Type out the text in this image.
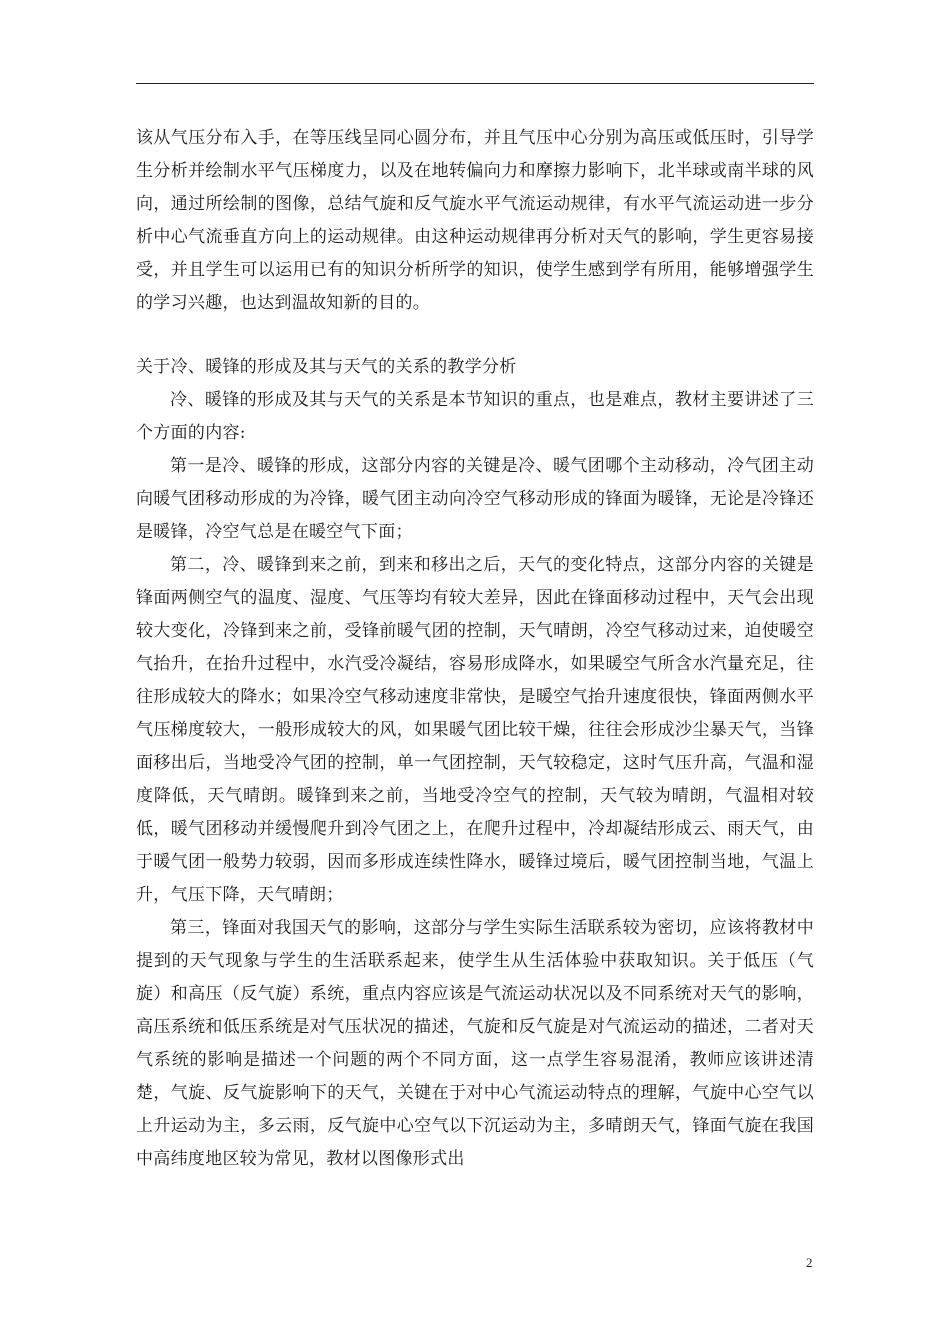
该从气压分布入手，在等压线呈同心圆分布，并且气压中心分别为高压或低压时，引导学生分析并绘制水平气压梯度力，以及在地转偏向力和摩擦力影响下，北半球或南半球的风向，通过所绘制的图像，总结气旋和反气旋水平气流运动规律，有水平气流运动进一步分析中心气流垂直方向上的运动规律。由这种运动规律再分析对天气的影响，学生更容易接受，并且学生可以运用已有的知识分析所学的知识，使学生感到学有所用，能够增强学生的学习兴趣，也达到温故知新的目的。

关于冷、暖锋的形成及其与天气的关系的教学分析

冷、暖锋的形成及其与天气的关系是本节知识的重点，也是难点，教材主要讲述了三个方面的内容:

第一是冷、暖锋的形成，这部分内容的关键是冷、暖气团哪个主动移动，冷气团主动向暖气团移动形成的为冷锋，暖气团主动向冷空气移动形成的锋面为暖锋，无论是冷锋还是暖锋，冷空气总是在暖空气下面；

第二，冷、暖锋到来之前，到来和移出之后，天气的变化特点，这部分内容的关键是锋面两侧空气的温度、湿度、气压等均有较大差异，因此在锋面移动过程中，天气会出现较大变化，冷锋到来之前，受锋前暖气团的控制，天气晴朗，冷空气移动过来，迫使暖空气抬升，在抬升过程中，水汽受冷凝结，容易形成降水，如果暖空气所含水汽量充足，往往形成较大的降水；如果冷空气移动速度非常快，是暖空气抬升速度很快，锋面两侧水平气压梯度较大，一般形成较大的风，如果暖气团比较干燥，往往会形成沙尘暴天气，当锋面移出后，当地受冷气团的控制，单一气团控制，天气较稳定，这时气压升高，气温和湿度降低，天气晴朗。暖锋到来之前，当地受冷空气的控制，天气较为晴朗，气温相对较低，暖气团移动并缓慢爬升到冷气团之上，在爬升过程中，冷却凝结形成云、雨天气，由于暖气团一般势力较弱，因而多形成连续性降水，暖锋过境后，暖气团控制当地，气温上升，气压下降，天气晴朗；

第三，锋面对我国天气的影响，这部分与学生实际生活联系较为密切，应该将教材中提到的天气现象与学生的生活联系起来，使学生从生活体验中获取知识。关于低压（气旋）和高压（反气旋）系统，重点内容应该是气流运动状况以及不同系统对天气的影响，高压系统和低压系统是对气压状况的描述，气旋和反气旋是对气流运动的描述，二者对天气系统的影响是描述一个问题的两个不同方面，这一点学生容易混淆，教师应该讲述清楚，气旋、反气旋影响下的天气，关键在于对中心气流运动特点的理解，气旋中心空气以上升运动为主，多云雨，反气旋中心空气以下沉运动为主，多晴朗天气，锋面气旋在我国中高纬度地区较为常见，教材以图像形式出

2
